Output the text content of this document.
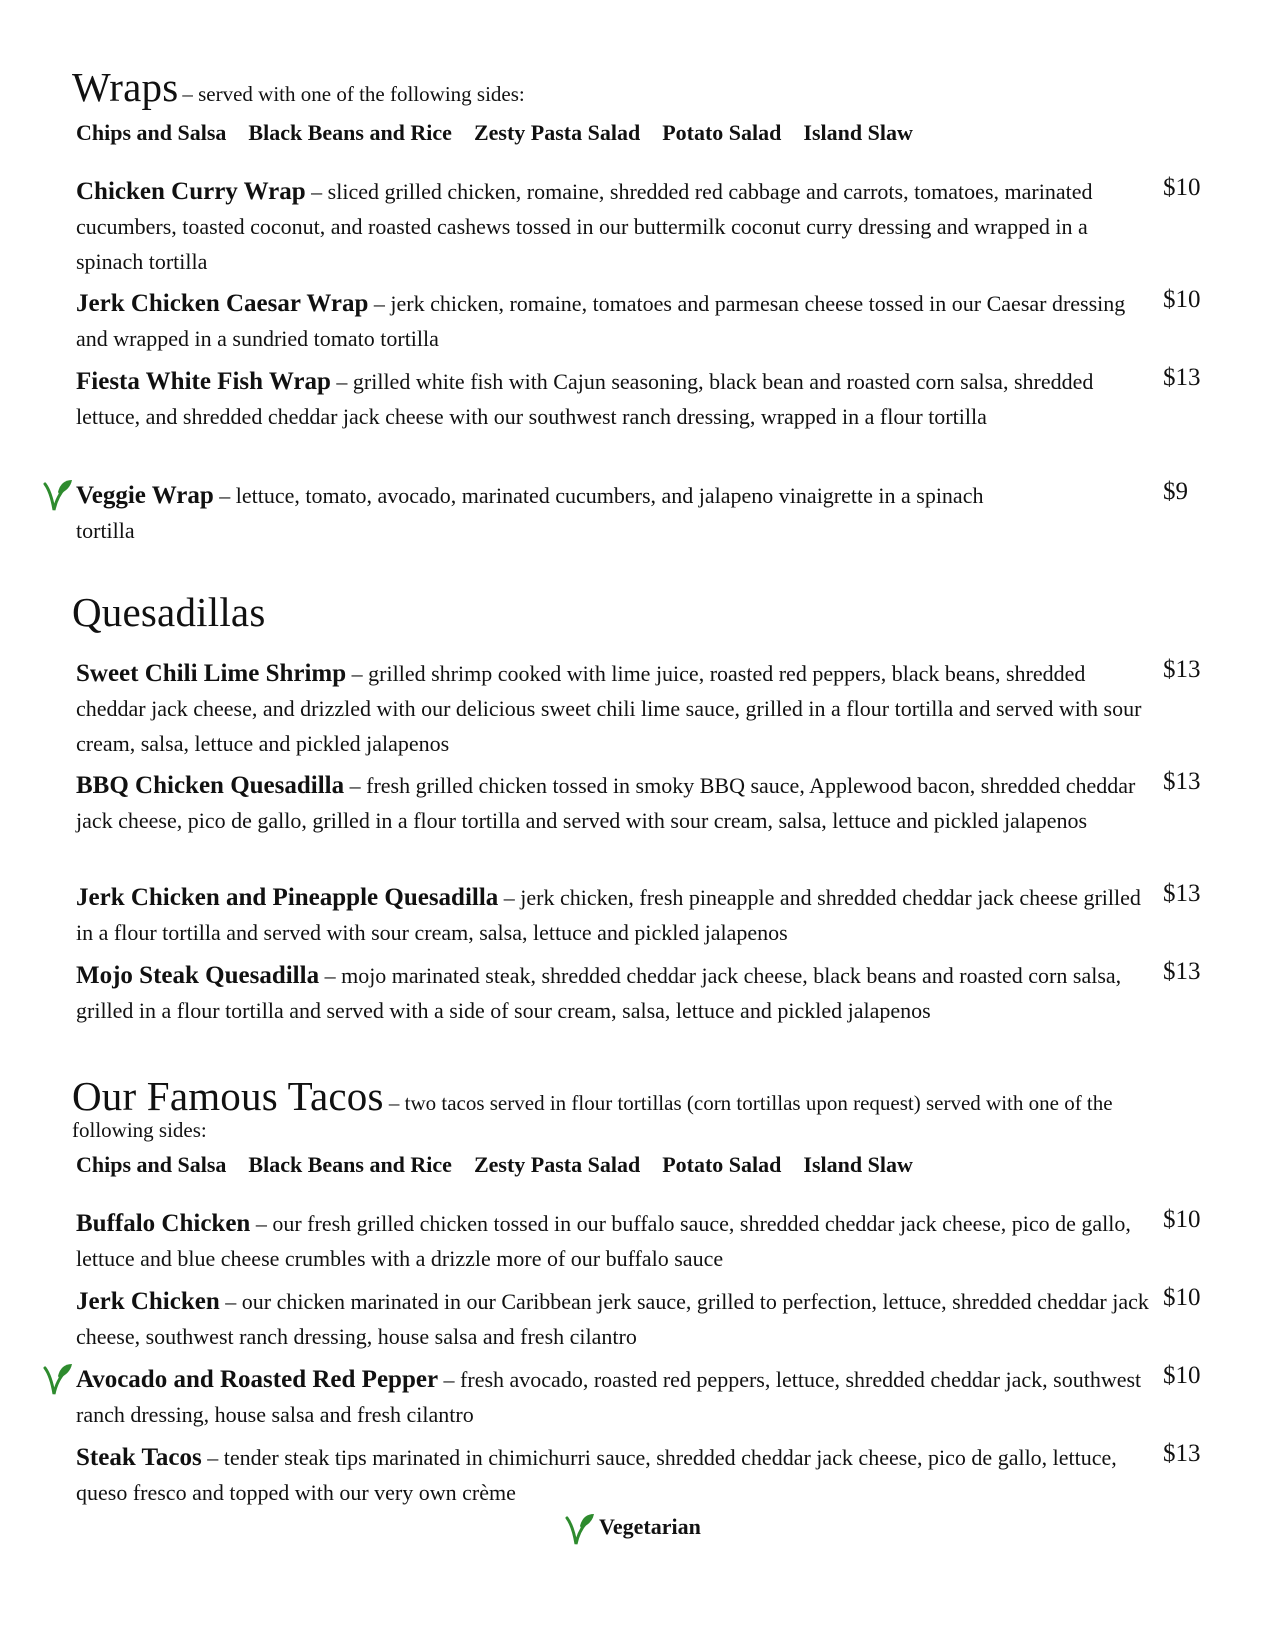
Wraps – served with one of the following sides:
Chips and Salsa Black Beans and Rice Zesty Pasta Salad Potato Salad Island Slaw
Chicken Curry Wrap – sliced grilled chicken, romaine, shredded red cabbage and carrots, tomatoes, marinated cucumbers, toasted coconut, and roasted cashews tossed in our buttermilk coconut curry dressing and wrapped in a spinach tortilla
$10
Jerk Chicken Caesar Wrap – jerk chicken, romaine, tomatoes and parmesan cheese tossed in our Caesar dressing and wrapped in a sundried tomato tortilla
$10
Fiesta White Fish Wrap – grilled white fish with Cajun seasoning, black bean and roasted corn salsa, shredded lettuce, and shredded cheddar jack cheese with our southwest ranch dressing, wrapped in a flour tortilla
$13
Veggie Wrap – lettuce, tomato, avocado, marinated cucumbers, and jalapeno vinaigrette in a spinach tortilla
$9
Quesadillas
Sweet Chili Lime Shrimp – grilled shrimp cooked with lime juice, roasted red peppers, black beans, shredded cheddar jack cheese, and drizzled with our delicious sweet chili lime sauce, grilled in a flour tortilla and served with sour cream, salsa, lettuce and pickled jalapenos
$13
BBQ Chicken Quesadilla – fresh grilled chicken tossed in smoky BBQ sauce, Applewood bacon, shredded cheddar jack cheese, pico de gallo, grilled in a flour tortilla and served with sour cream, salsa, lettuce and pickled jalapenos
$13
Jerk Chicken and Pineapple Quesadilla – jerk chicken, fresh pineapple and shredded cheddar jack cheese grilled in a flour tortilla and served with sour cream, salsa, lettuce and pickled jalapenos
$13
Mojo Steak Quesadilla – mojo marinated steak, shredded cheddar jack cheese, black beans and roasted corn salsa, grilled in a flour tortilla and served with a side of sour cream, salsa, lettuce and pickled jalapenos
$13
Our Famous Tacos – two tacos served in flour tortillas (corn tortillas upon request) served with one of the following sides:
Chips and Salsa Black Beans and Rice Zesty Pasta Salad Potato Salad Island Slaw
Buffalo Chicken – our fresh grilled chicken tossed in our buffalo sauce, shredded cheddar jack cheese, pico de gallo, lettuce and blue cheese crumbles with a drizzle more of our buffalo sauce
$10
Jerk Chicken – our chicken marinated in our Caribbean jerk sauce, grilled to perfection, lettuce, shredded cheddar jack cheese, southwest ranch dressing, house salsa and fresh cilantro
$10
Avocado and Roasted Red Pepper – fresh avocado, roasted red peppers, lettuce, shredded cheddar jack, southwest ranch dressing, house salsa and fresh cilantro
$10
Steak Tacos – tender steak tips marinated in chimichurri sauce, shredded cheddar jack cheese, pico de gallo, lettuce, queso fresco and topped with our very own crème
$13
Vegetarian
